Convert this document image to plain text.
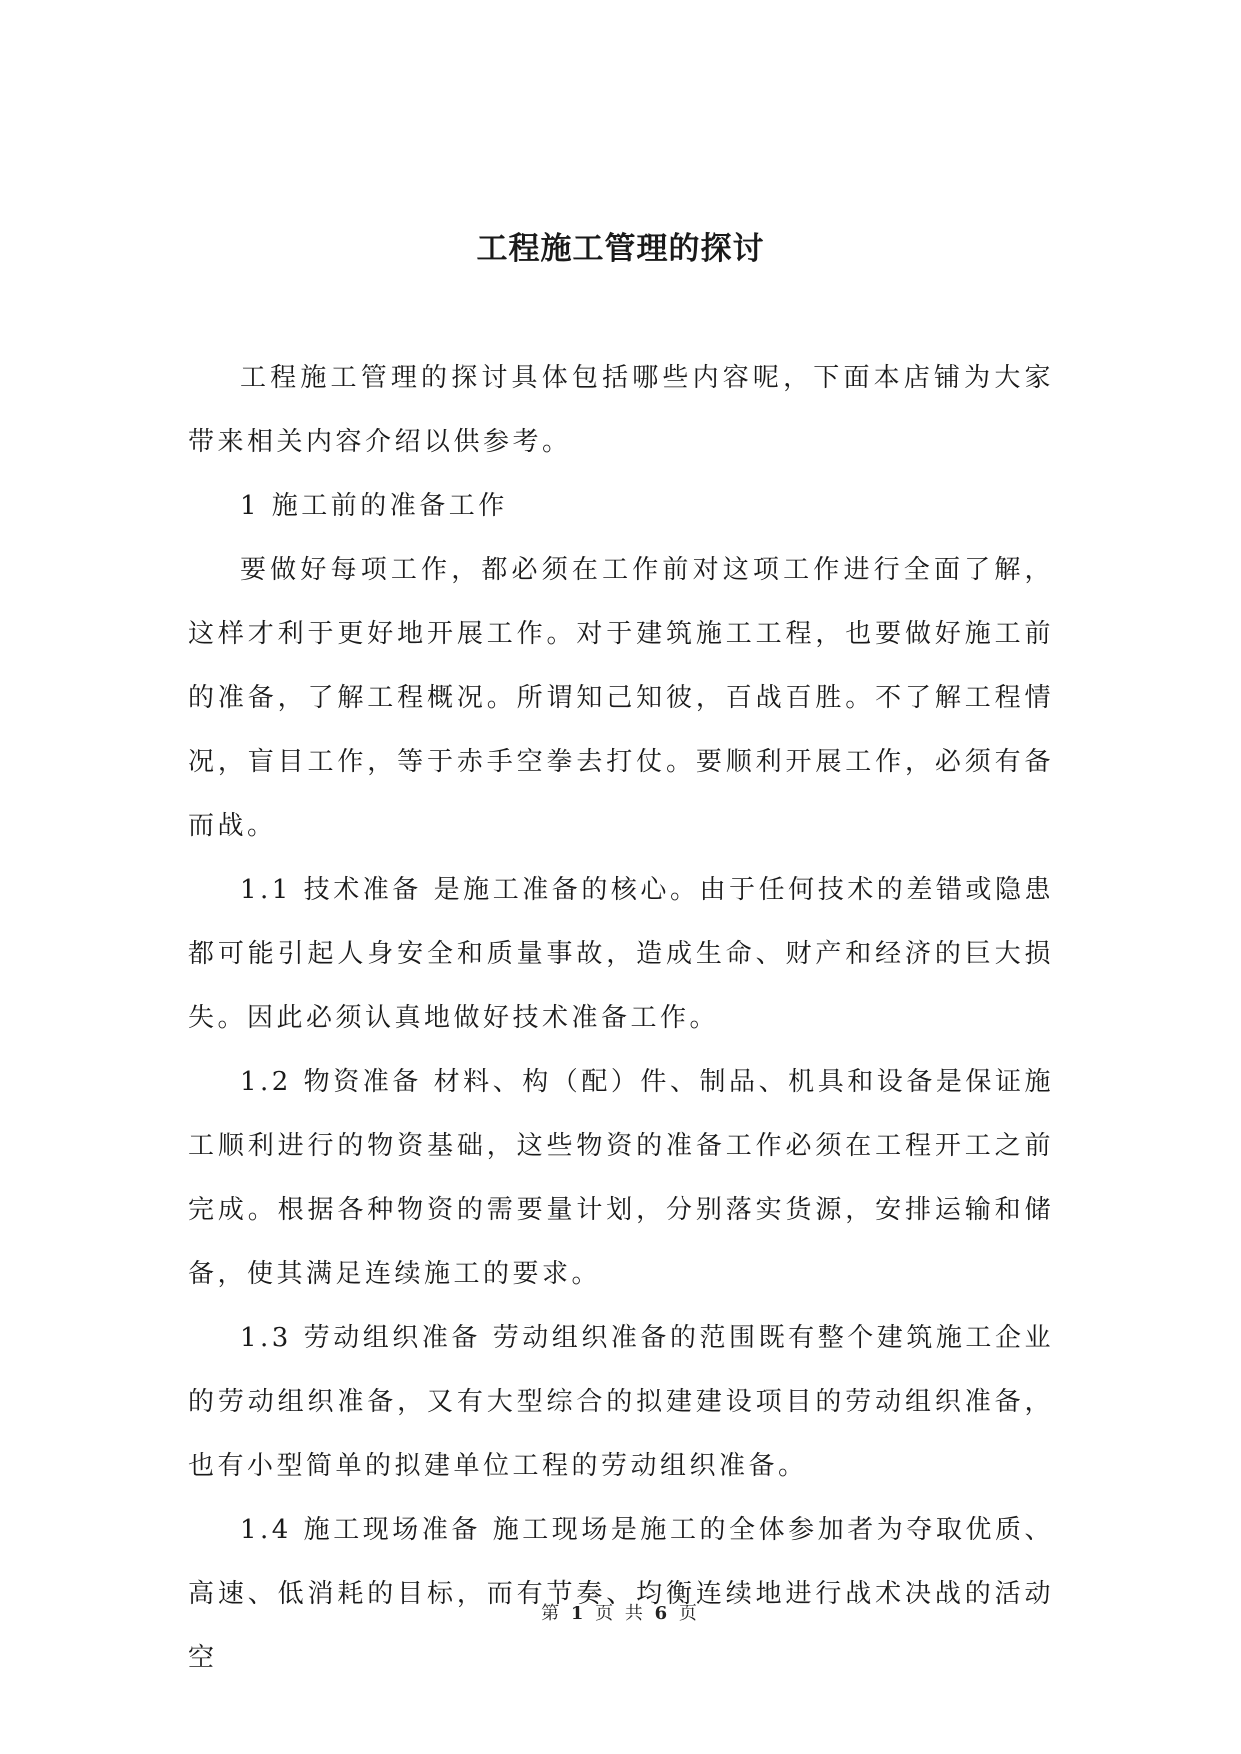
工程施工管理的探讨

工程施工管理的探讨具体包括哪些内容呢，下面本店铺为大家带来相关内容介绍以供参考。

1 施工前的准备工作

要做好每项工作，都必须在工作前对这项工作进行全面了解，这样才利于更好地开展工作。对于建筑施工工程，也要做好施工前的准备，了解工程概况。所谓知己知彼，百战百胜。不了解工程情况，盲目工作，等于赤手空拳去打仗。要顺利开展工作，必须有备而战。

1.1 技术准备 是施工准备的核心。由于任何技术的差错或隐患都可能引起人身安全和质量事故，造成生命、财产和经济的巨大损失。因此必须认真地做好技术准备工作。

1.2 物资准备 材料、构（配）件、制品、机具和设备是保证施工顺利进行的物资基础，这些物资的准备工作必须在工程开工之前完成。根据各种物资的需要量计划，分别落实货源，安排运输和储备，使其满足连续施工的要求。

1.3 劳动组织准备 劳动组织准备的范围既有整个建筑施工企业的劳动组织准备，又有大型综合的拟建建设项目的劳动组织准备，也有小型简单的拟建单位工程的劳动组织准备。

1.4 施工现场准备 施工现场是施工的全体参加者为夺取优质、高速、低消耗的目标，而有节奏、均衡连续地进行战术决战的活动空

第 1 页 共 6 页
